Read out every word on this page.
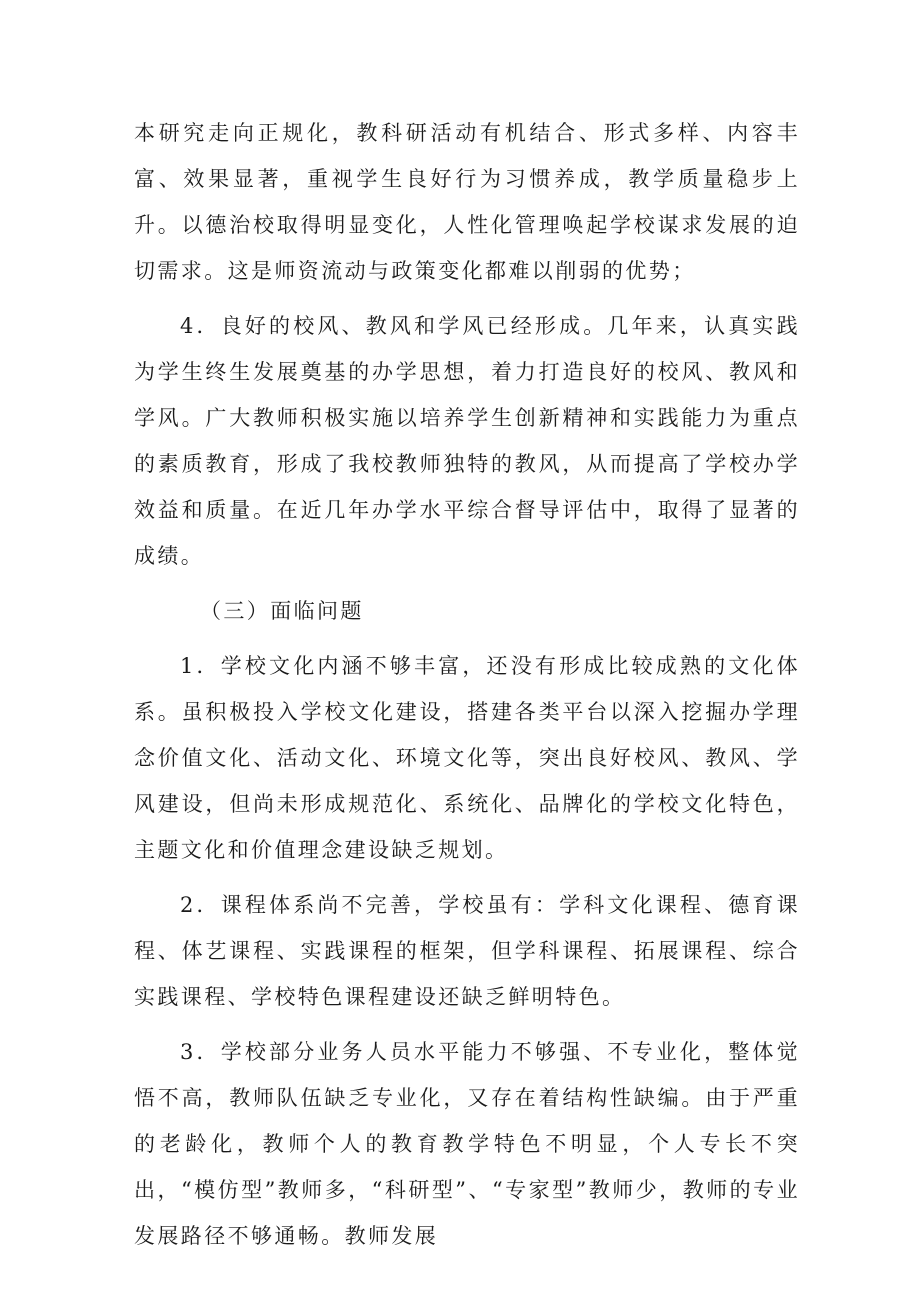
本研究走向正规化，教科研活动有机结合、形式多样、内容丰富、效果显著，重视学生良好行为习惯养成，教学质量稳步上升。以德治校取得明显变化，人性化管理唤起学校谋求发展的迫切需求。这是师资流动与政策变化都难以削弱的优势；

4．良好的校风、教风和学风已经形成。几年来，认真实践为学生终生发展奠基的办学思想，着力打造良好的校风、教风和学风。广大教师积极实施以培养学生创新精神和实践能力为重点的素质教育，形成了我校教师独特的教风，从而提高了学校办学效益和质量。在近几年办学水平综合督导评估中，取得了显著的成绩。

（三）面临问题

1．学校文化内涵不够丰富，还没有形成比较成熟的文化体系。虽积极投入学校文化建设，搭建各类平台以深入挖掘办学理念价值文化、活动文化、环境文化等，突出良好校风、教风、学风建设，但尚未形成规范化、系统化、品牌化的学校文化特色，主题文化和价值理念建设缺乏规划。

2．课程体系尚不完善，学校虽有：学科文化课程、德育课程、体艺课程、实践课程的框架，但学科课程、拓展课程、综合实践课程、学校特色课程建设还缺乏鲜明特色。

3．学校部分业务人员水平能力不够强、不专业化，整体觉悟不高，教师队伍缺乏专业化，又存在着结构性缺编。由于严重的老龄化，教师个人的教育教学特色不明显，个人专长不突出，“模仿型”教师多，“科研型”、“专家型”教师少，教师的专业发展路径不够通畅。教师发展
